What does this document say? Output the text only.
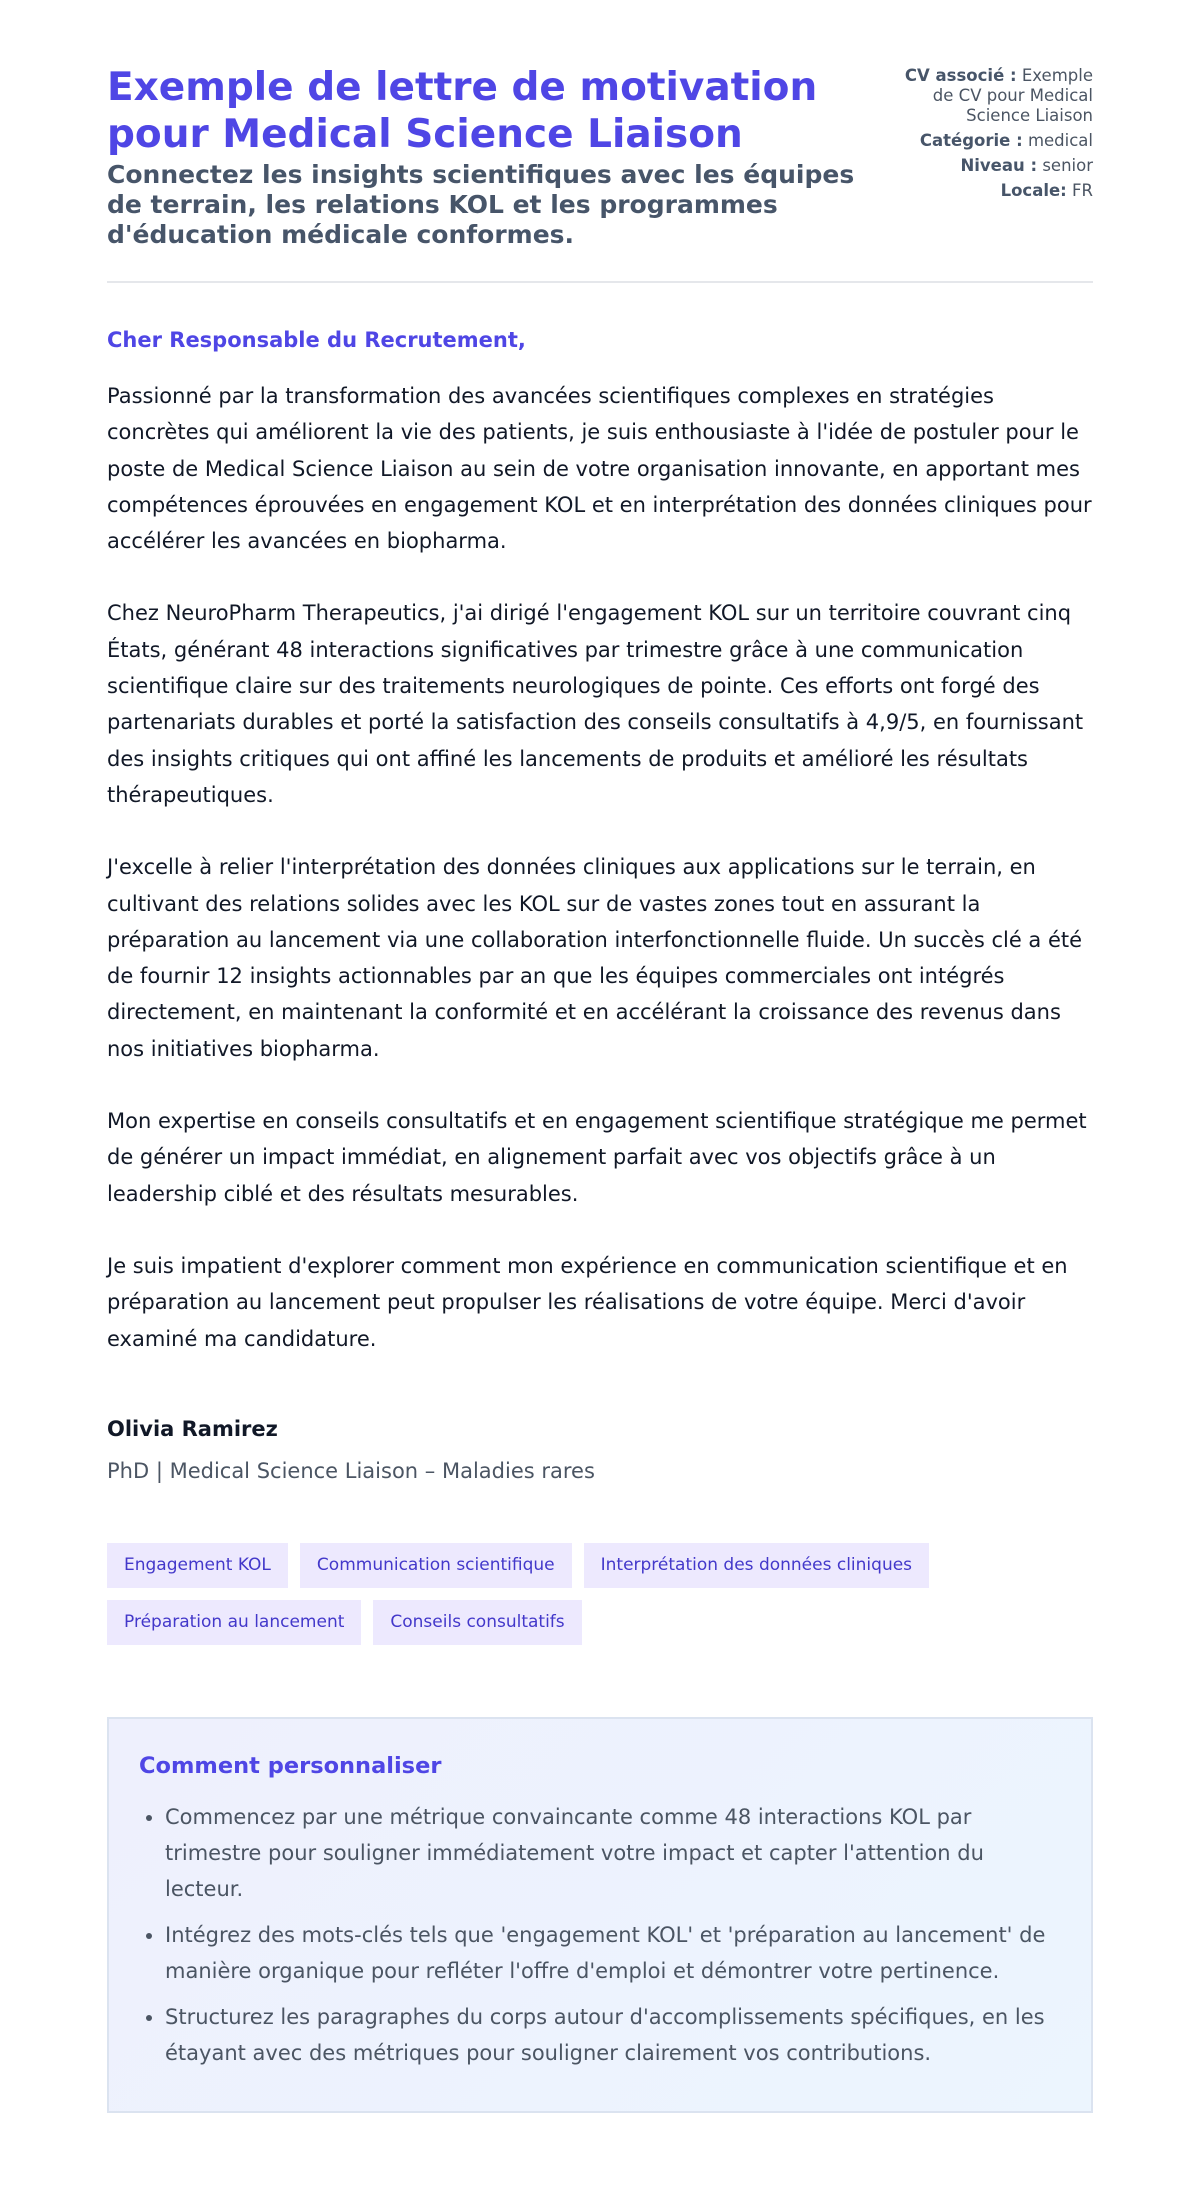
Exemple de lettre de motivation pour Medical Science Liaison
Connectez les insights scientifiques avec les équipes de terrain, les relations KOL et les programmes d'éducation médicale conformes.
CV associé : Exemple de CV pour Medical Science Liaison
Catégorie : medical
Niveau : senior
Locale: FR
Cher Responsable du Recrutement,

Passionné par la transformation des avancées scientifiques complexes en stratégies concrètes qui améliorent la vie des patients, je suis enthousiaste à l'idée de postuler pour le poste de Medical Science Liaison au sein de votre organisation innovante, en apportant mes compétences éprouvées en engagement KOL et en interprétation des données cliniques pour accélérer les avancées en biopharma.

Chez NeuroPharm Therapeutics, j'ai dirigé l'engagement KOL sur un territoire couvrant cinq États, générant 48 interactions significatives par trimestre grâce à une communication scientifique claire sur des traitements neurologiques de pointe. Ces efforts ont forgé des partenariats durables et porté la satisfaction des conseils consultatifs à 4,9/5, en fournissant des insights critiques qui ont affiné les lancements de produits et amélioré les résultats thérapeutiques.

J'excelle à relier l'interprétation des données cliniques aux applications sur le terrain, en cultivant des relations solides avec les KOL sur de vastes zones tout en assurant la préparation au lancement via une collaboration interfonctionnelle fluide. Un succès clé a été de fournir 12 insights actionnables par an que les équipes commerciales ont intégrés directement, en maintenant la conformité et en accélérant la croissance des revenus dans nos initiatives biopharma.

Mon expertise en conseils consultatifs et en engagement scientifique stratégique me permet de générer un impact immédiat, en alignement parfait avec vos objectifs grâce à un leadership ciblé et des résultats mesurables.

Je suis impatient d'explorer comment mon expérience en communication scientifique et en préparation au lancement peut propulser les réalisations de votre équipe. Merci d'avoir examiné ma candidature.

Olivia Ramirez
PhD | Medical Science Liaison – Maladies rares
Engagement KOL	Communication scientifique	Interprétation des données cliniques
Préparation au lancement	Conseils consultatifs
Comment personnaliser
• Commencez par une métrique convaincante comme 48 interactions KOL par trimestre pour souligner immédiatement votre impact et capter l'attention du lecteur.
• Intégrez des mots-clés tels que 'engagement KOL' et 'préparation au lancement' de manière organique pour refléter l'offre d'emploi et démontrer votre pertinence.
• Structurez les paragraphes du corps autour d'accomplissements spécifiques, en les étayant avec des métriques pour souligner clairement vos contributions.
